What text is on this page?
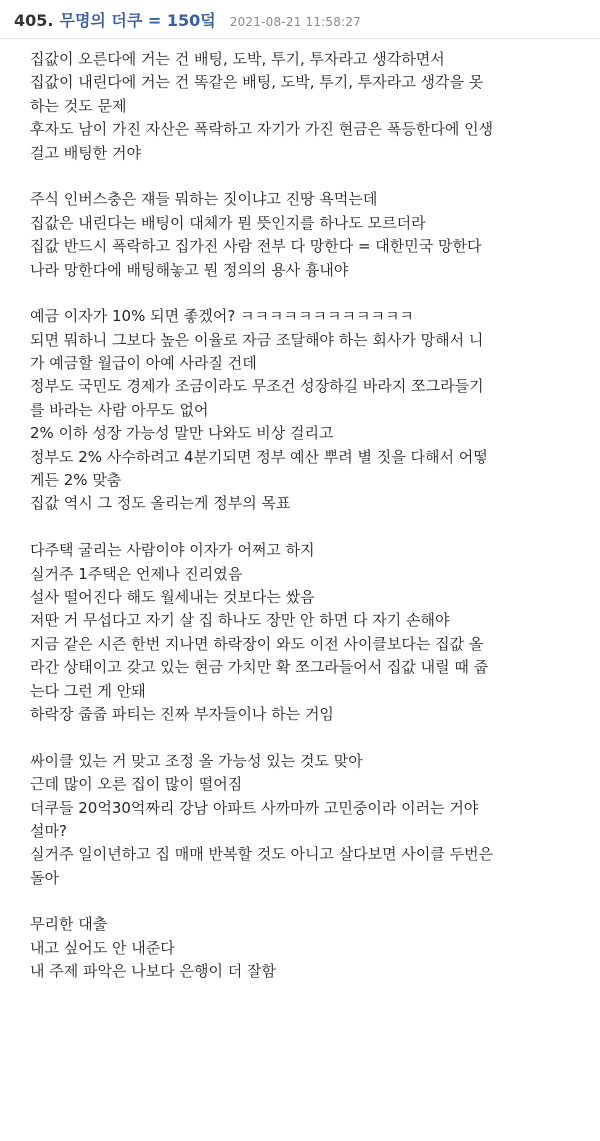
405. 무명의 더쿠 = 150덬 2021-08-21 11:58:27
집값이 오른다에 거는 건 배팅, 도박, 투기, 투자라고 생각하면서
집값이 내린다에 거는 건 똑같은 배팅, 도박, 투기, 투자라고 생각을 못
하는 것도 문제
후자도 남이 가진 자산은 폭락하고 자기가 가진 현금은 폭등한다에 인생
걸고 배팅한 거야
주식 인버스충은 쟤들 뭐하는 짓이냐고 진땅 욕먹는데
집값은 내린다는 배팅이 대체가 뭔 뜻인지를 하나도 모르더라
집값 반드시 폭락하고 집가진 사람 전부 다 망한다 = 대한민국 망한다
나라 망한다에 배팅해놓고 뭔 정의의 용사 흉내야
예금 이자가 10% 되면 좋겠어? ㅋㅋㅋㅋㅋㅋㅋㅋㅋㅋㅋㅋ
되면 뭐하니 그보다 높은 이율로 자금 조달해야 하는 회사가 망해서 니
가 예금할 월급이 아예 사라질 건데
정부도 국민도 경제가 조금이라도 무조건 성장하길 바라지 쪼그라들기
를 바라는 사람 아무도 없어
2% 이하 성장 가능성 말만 나와도 비상 걸리고
정부도 2% 사수하려고 4분기되면 정부 예산 뿌려 별 짓을 다해서 어떻
게든 2% 맞춤
집값 역시 그 정도 올리는게 정부의 목표
다주택 굴리는 사람이야 이자가 어쩌고 하지
실거주 1주택은 언제나 진리였음
설사 떨어진다 해도 월세내는 것보다는 쌌음
저딴 거 무섭다고 자기 살 집 하나도 장만 안 하면 다 자기 손해야
지금 같은 시즌 한번 지나면 하락장이 와도 이전 사이클보다는 집값 올
라간 상태이고 갖고 있는 현금 가치만 확 쪼그라들어서 집값 내릴 때 줍
는다 그런 게 안돼
하락장 줍줍 파티는 진짜 부자들이나 하는 거임
싸이클 있는 거 맞고 조정 올 가능성 있는 것도 맞아
근데 많이 오른 집이 많이 떨어짐
더쿠들 20억30억짜리 강남 아파트 사까마까 고민중이라 이러는 거야
설마?
실거주 일이년하고 집 매매 반복할 것도 아니고 살다보면 사이클 두번은
돌아
무리한 대출
내고 싶어도 안 내준다
내 주제 파악은 나보다 은행이 더 잘함
